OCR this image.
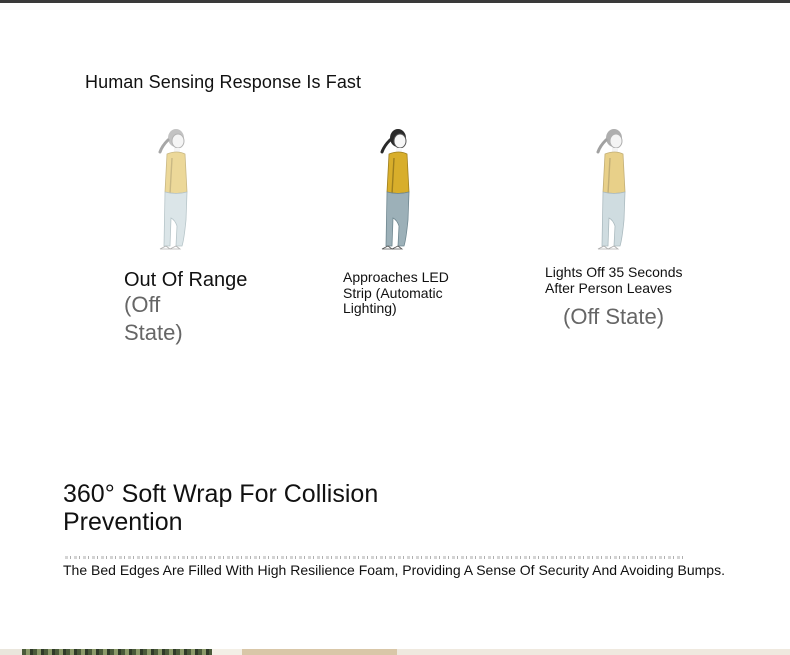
Human Sensing Response Is Fast
Out Of Range
(Off State)
Approaches LED Strip (Automatic Lighting)
Lights Off 35 Seconds After Person Leaves
(Off State)
360° Soft Wrap For Collision Prevention
The Bed Edges Are Filled With High Resilience Foam, Providing A Sense Of Security And Avoiding Bumps.
